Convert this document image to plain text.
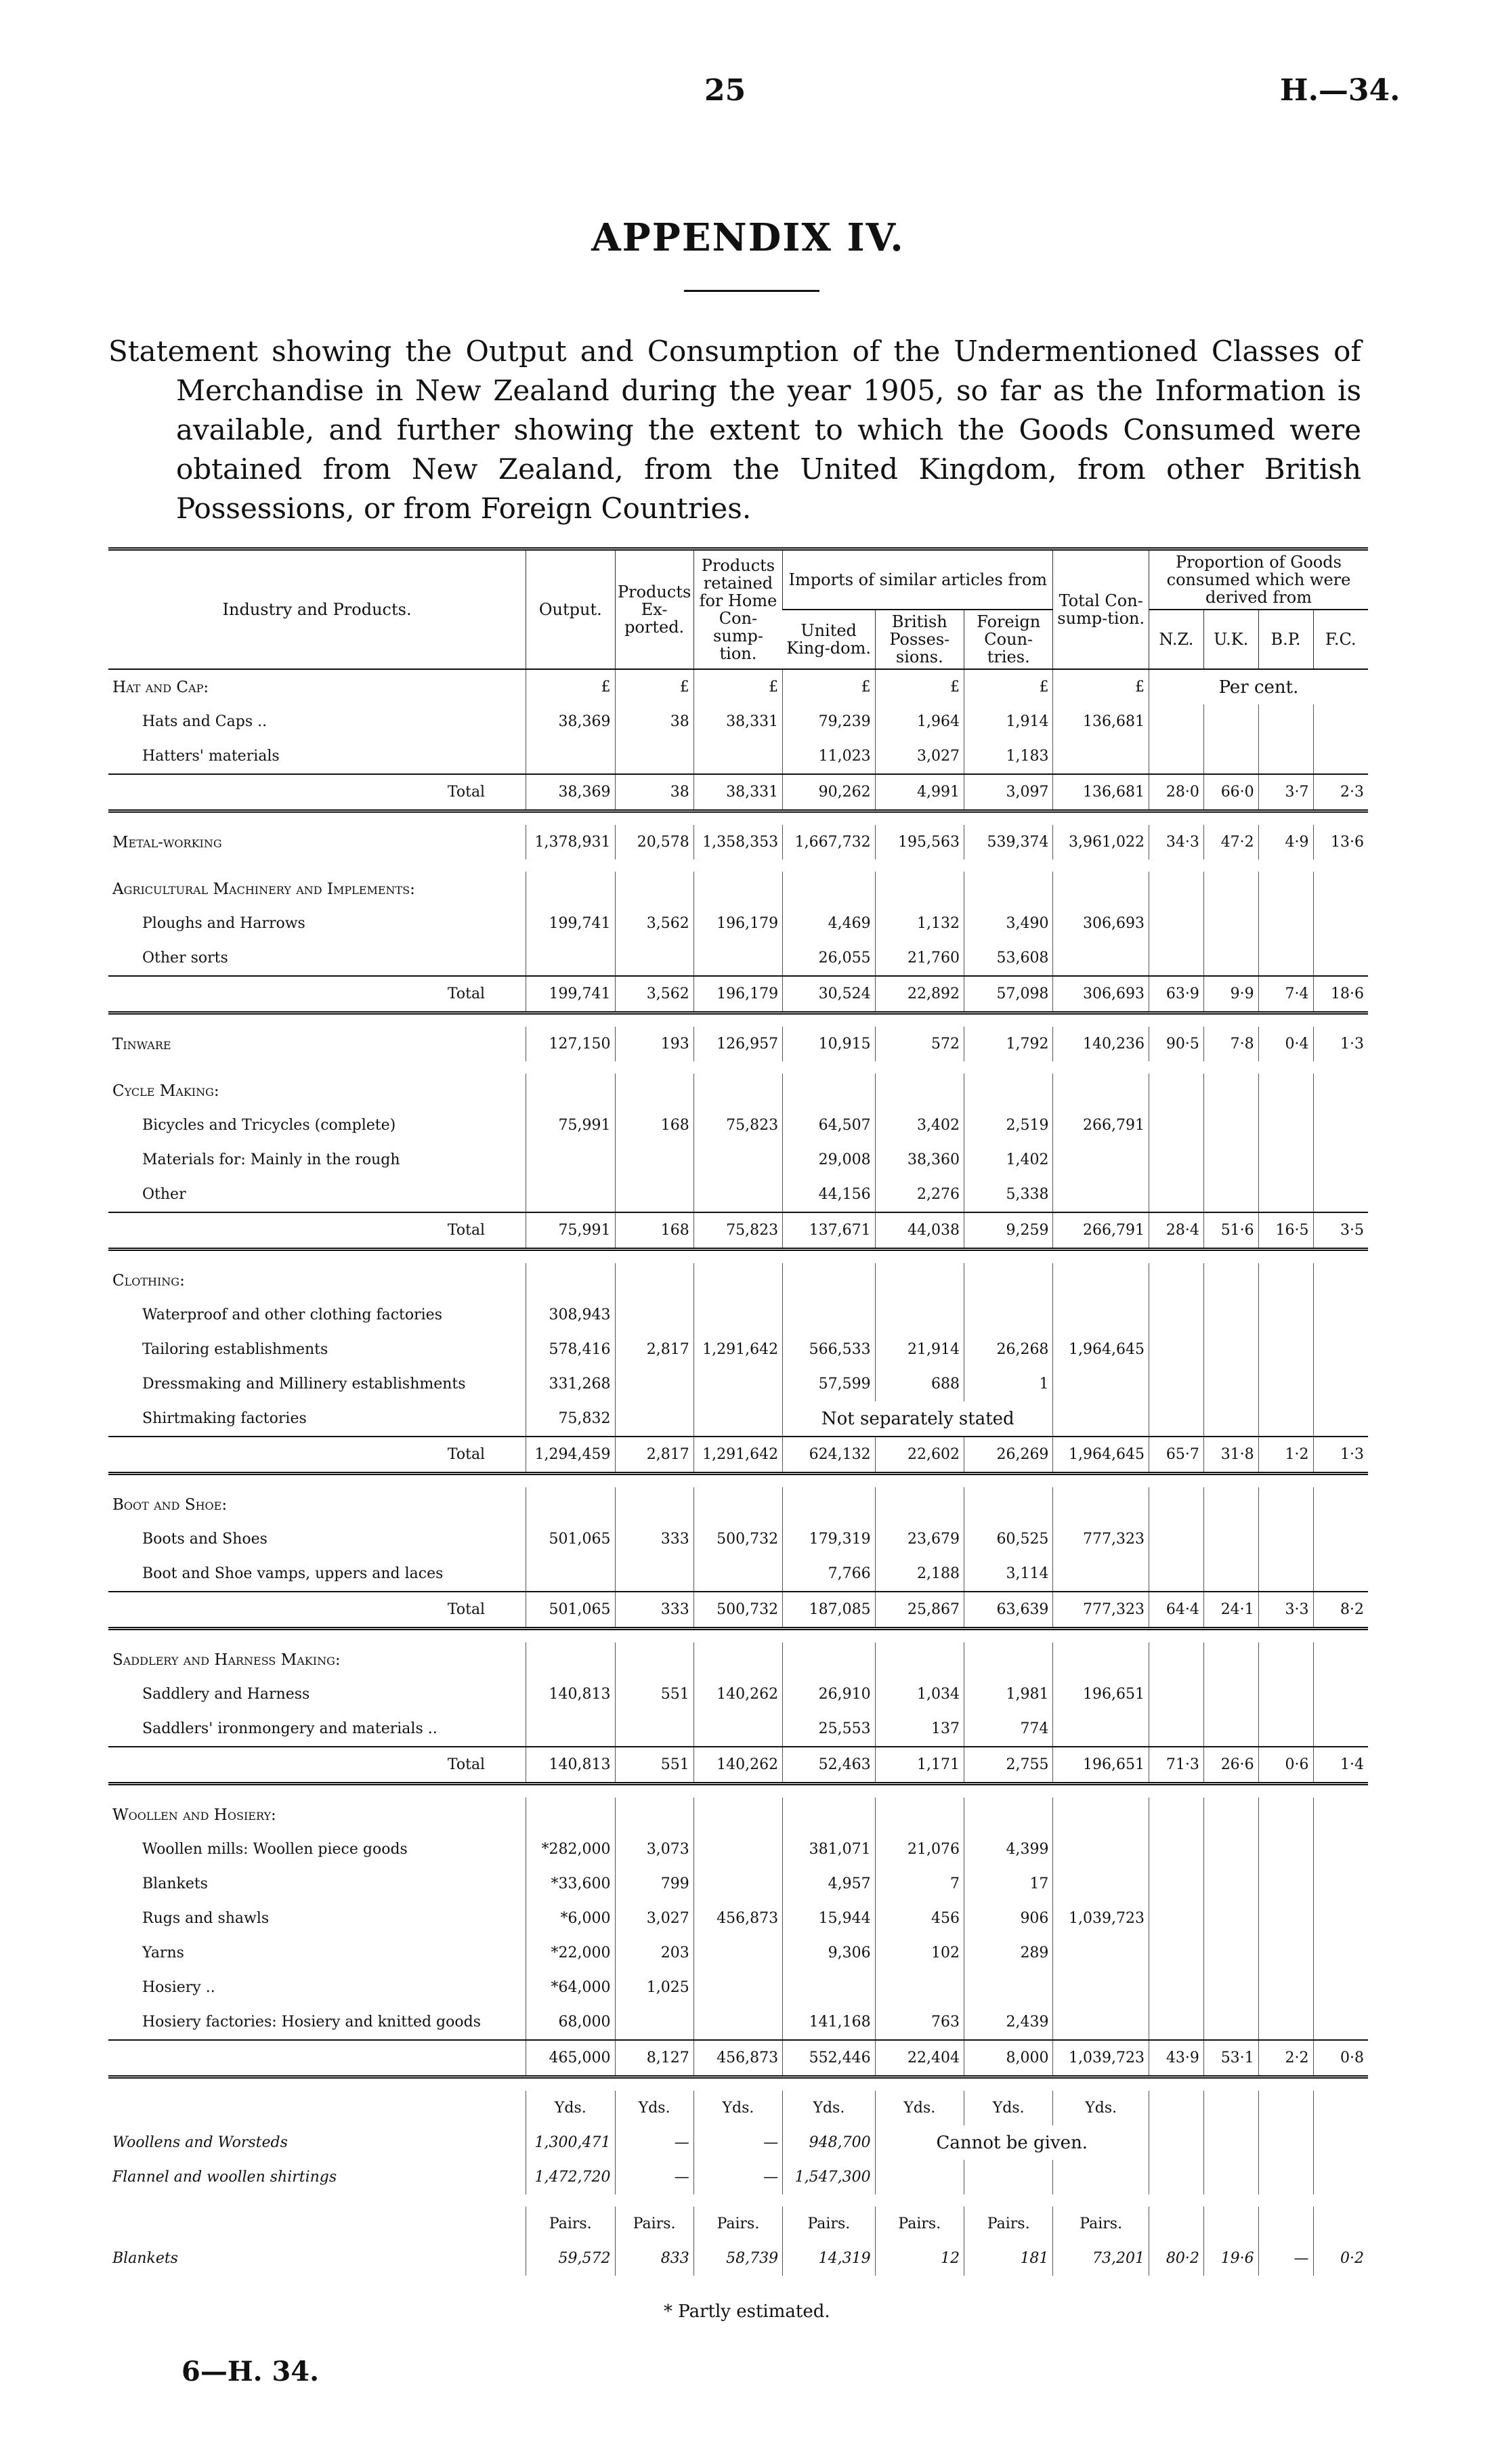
25	H.—34.
APPENDIX IV.

Statement showing the Output and Consumption of the Undermentioned Classes of Merchandise in New Zealand during the year 1905, so far as the Information is available, and further showing the extent to which the Goods Consumed were obtained from New Zealand, from the United Kingdom, from other British Possessions, or from Foreign Countries.

Industry and Products.	Output.	Products Ex-ported.	Products retained for Home Con-sump-tion.	Imports of similar articles from			Total Con-sump-tion.	Proportion of Goods consumed which were derived from			
				United King-dom.	British Posses-sions.	Foreign Coun-tries.		N.Z.	U.K.	B.P.	F.C.
Hat and Cap:	£	£	£	£	£	£	£	Per cent.			
Hats and Caps ..	38,369	38	38,331	79,239	1,964	1,914	136,681				
Hatters' materials				11,023	3,027	1,183					
Total	38,369	38	38,331	90,262	4,991	3,097	136,681	28·0	66·0	3·7	2·3

Metal-working	1,378,931	20,578	1,358,353	1,667,732	195,563	539,374	3,961,022	34·3	47·2	4·9	13·6

Agricultural Machinery and Implements:											
Ploughs and Harrows	199,741	3,562	196,179	4,469	1,132	3,490	306,693				
Other sorts				26,055	21,760	53,608					
Total	199,741	3,562	196,179	30,524	22,892	57,098	306,693	63·9	9·9	7·4	18·6

Tinware	127,150	193	126,957	10,915	572	1,792	140,236	90·5	7·8	0·4	1·3

Cycle Making:											
Bicycles and Tricycles (complete)	75,991	168	75,823	64,507	3,402	2,519	266,791				
Materials for: Mainly in the rough				29,008	38,360	1,402					
Other				44,156	2,276	5,338					
Total	75,991	168	75,823	137,671	44,038	9,259	266,791	28·4	51·6	16·5	3·5

Clothing:											
Waterproof and other clothing factories	308,943										
Tailoring establishments	578,416	2,817	1,291,642	566,533	21,914	26,268	1,964,645				
Dressmaking and Millinery establishments	331,268			57,599	688	1					
Shirtmaking factories	75,832			Not separately stated							
Total	1,294,459	2,817	1,291,642	624,132	22,602	26,269	1,964,645	65·7	31·8	1·2	1·3

Boot and Shoe:											
Boots and Shoes	501,065	333	500,732	179,319	23,679	60,525	777,323				
Boot and Shoe vamps, uppers and laces				7,766	2,188	3,114					
Total	501,065	333	500,732	187,085	25,867	63,639	777,323	64·4	24·1	3·3	8·2

Saddlery and Harness Making:											
Saddlery and Harness	140,813	551	140,262	26,910	1,034	1,981	196,651				
Saddlers' ironmongery and materials ..				25,553	137	774					
Total	140,813	551	140,262	52,463	1,171	2,755	196,651	71·3	26·6	0·6	1·4

Woollen and Hosiery:											
Woollen mills: Woollen piece goods	*282,000	3,073		381,071	21,076	4,399					
Blankets	*33,600	799		4,957	7	17					
Rugs and shawls	*6,000	3,027	456,873	15,944	456	906	1,039,723				
Yarns	*22,000	203		9,306	102	289					
Hosiery ..	*64,000	1,025									
Hosiery factories: Hosiery and knitted goods	68,000			141,168	763	2,439					
	465,000	8,127	456,873	552,446	22,404	8,000	1,039,723	43·9	53·1	2·2	0·8

	Yds.	Yds.	Yds.	Yds.	Yds.	Yds.	Yds.				
Woollens and Worsteds	1,300,471	—	—	948,700	Cannot be given.						
Flannel and woollen shirtings	1,472,720	—	—	1,547,300							

	Pairs.	Pairs.	Pairs.	Pairs.	Pairs.	Pairs.	Pairs.				
Blankets	59,572	833	58,739	14,319	12	181	73,201	80·2	19·6	—	0·2
* Partly estimated.
6—H. 34.
